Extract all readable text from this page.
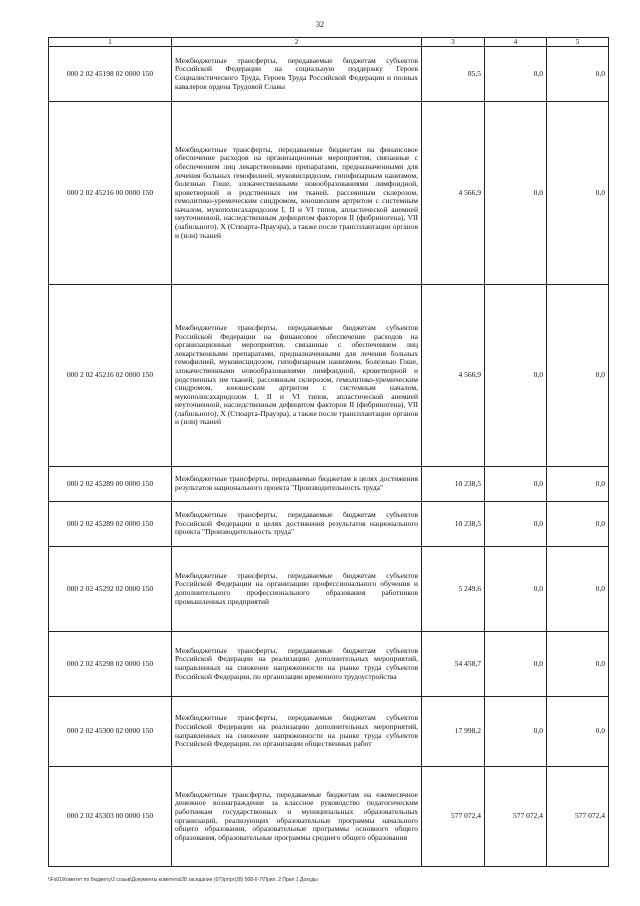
32
1	2	3	4	5
000 2 02 45198 02 0000 150	Межбюджетные трансферты, передаваемые бюджетам субъектов Российской Федерации на социальную поддержку Героев Социалистического Труда, Героев Труда Российской Федерации и полных кавалеров ордена Трудовой Славы	85,5	0,0	0,0
000 2 02 45216 00 0000 150	Межбюджетные трансферты, передаваемые бюджетам на финансовое обеспечение расходов на организационные мероприятия, связанные с обеспечением лиц лекарственными препаратами, предназначенными для лечения больных гемофилией, муковисцидозом, гипофизарным нанизмом, болезнью Гоше, злокачественными новообразованиями лимфоидной, кроветворной и родственных им тканей, рассеянным склерозом, гемолитико-уремическим синдромом, юношеским артритом с системным началом, мукополисахаридозом I, II и VI типов, апластической анемией неуточненной, наследственным дефицитом факторов II (фибриногена), VII (лабильного), X (Стюарта-Прауэра), а также после трансплантации органов и (или) тканей	4 566,9	0,0	0,0
000 2 02 45216 02 0000 150	Межбюджетные трансферты, передаваемые бюджетам субъектов Российской Федерации на финансовое обеспечение расходов на организационные мероприятия, связанные с обеспечением лиц лекарственными препаратами, предназначенными для лечения больных гемофилией, муковисцидозом, гипофизарным нанизмом, болезнью Гоше, злокачественными новообразованиями лимфоидной, кроветворной и родственных им тканей, рассеянным склерозом, гемолитико-уремическим синдромом, юношеским артритом с системным началом, мукополисахаридозом I, II и VI типов, апластической анемией неуточненной, наследственным дефицитом факторов II (фибриногена), VII (лабильного), X (Стюарта-Прауэра), а также после трансплантации органов и (или) тканей	4 566,9	0,0	0,0
000 2 02 45289 00 0000 150	Межбюджетные трансферты, передаваемые бюджетам в целях достижения результатов национального проекта "Производительность труда"	10 238,5	0,0	0,0
000 2 02 45289 02 0000 150	Межбюджетные трансферты, передаваемые бюджетам субъектов Российской Федерации в целях достижения результатов национального проекта "Производительность труда"	10 238,5	0,0	0,0
000 2 02 45292 02 0000 150	Межбюджетные трансферты, передаваемые бюджетам субъектов Российской Федерации на организацию профессионального обучения и дополнительного профессионального образования работников промышленных предприятий	5 249,6	0,0	0,0
000 2 02 45298 02 0000 150	Межбюджетные трансферты, передаваемые бюджетам субъектов Российской Федерации на реализацию дополнительных мероприятий, направленных на снижение напряженности на рынке труда субъектов Российской Федерации, по организации временного трудоустройства	54 458,7	0,0	0,0
000 2 02 45300 02 0000 150	Межбюджетные трансферты, передаваемые бюджетам субъектов Российской Федерации на реализацию дополнительных мероприятий, направленных на снижение напряженности на рынке труда субъектов Российской Федерации, по организации общественных работ	17 998,2	0,0	0,0
000 2 02 45303 00 0000 150	Межбюджетные трансферты, передаваемые бюджетам на ежемесячное денежное вознаграждение за классное руководство педагогическим работникам государственных и муниципальных образовательных организаций, реализующих образовательные программы начального общего образования, образовательные программы основного общего образования, образовательные программы среднего общего образования	577 072,4	577 072,4	577 072,4
\\Fs01\Комитет по бюджету\2 созыв\Документы комитета\28 заседание (07)\pr\pr(28) 508-II-7\Прил. 2 Прил 1 Доходы
